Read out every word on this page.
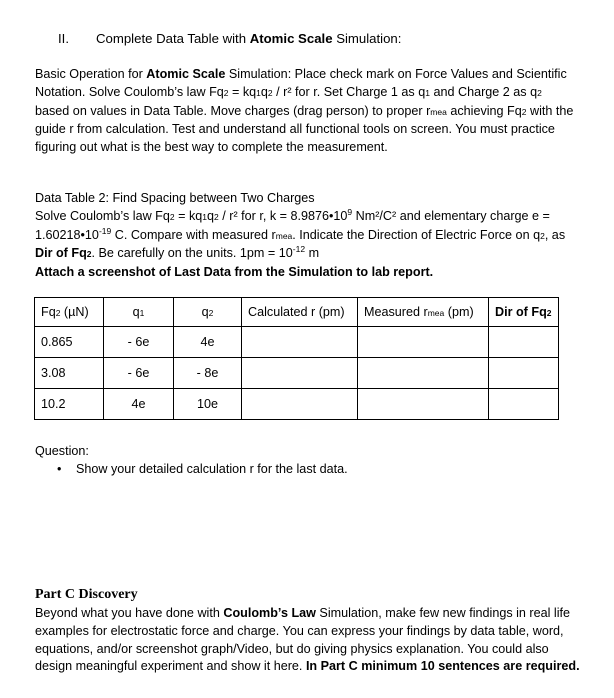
II. Complete Data Table with Atomic Scale Simulation:

Basic Operation for Atomic Scale Simulation: Place check mark on Force Values and Scientific Notation. Solve Coulomb’s law Fq2 = kq1q2 / r² for r. Set Charge 1 as q1 and Charge 2 as q2 based on values in Data Table. Move charges (drag person) to proper rmea achieving Fq2 with the guide r from calculation. Test and understand all functional tools on screen. You must practice figuring out what is the best way to complete the measurement.

Data Table 2: Find Spacing between Two Charges

Solve Coulomb’s law Fq2 = kq1q2 / r² for r, $k = 8.9876•10^9$ Nm²/C² and elementary charge $e = 1.60218•10^{-19}$ C. Compare with measured rmea. Indicate the Direction of Electric Force on q2, as Dir of Fq2. Be carefully on the units. $1pm = 10^{-12}$ m

Attach a screenshot of Last Data from the Simulation to lab report.

Fq2 (µN)	q1	q2	Calculated r (pm)	Measured rmea (pm)	Dir of Fq2
0.865	- 6e	4e			
3.08	- 6e	- 8e			
10.2	4e	10e			

Question:

• Show your detailed calculation r for the last data.

Part C Discovery

Beyond what you have done with Coulomb’s Law Simulation, make few new findings in real life examples for electrostatic force and charge. You can express your findings by data table, word, equations, and/or screenshot graph/Video, but do giving physics explanation. You could also design meaningful experiment and show it here. In Part C minimum 10 sentences are required.
